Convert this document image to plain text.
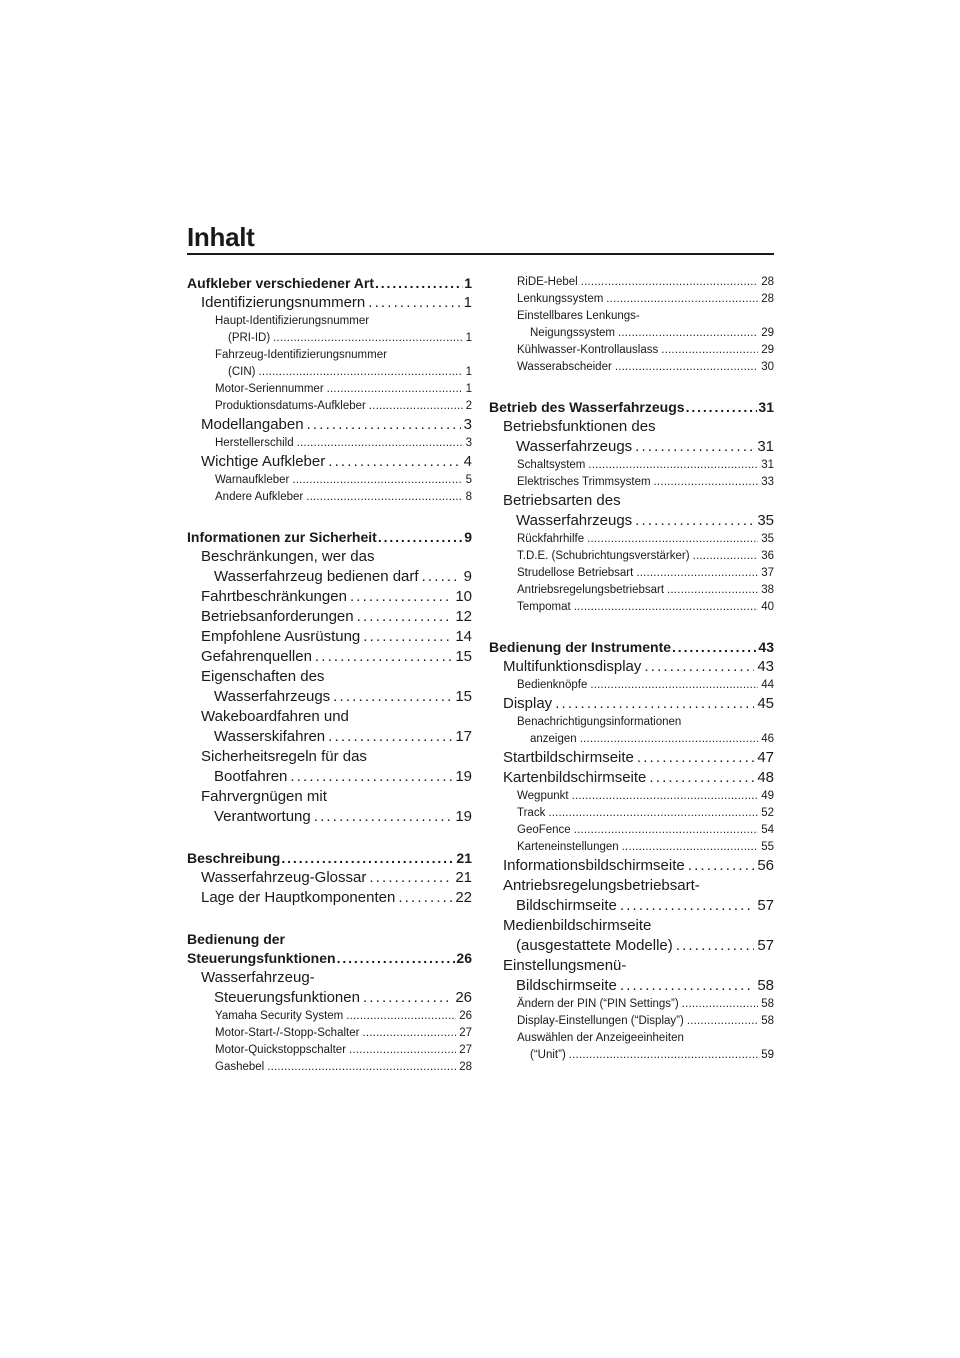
Inhalt
Aufkleber verschiedener Art . . .	1
Identifizierungsnummern . . .	1
Haupt-Identifizierungsnummer
(PRI-ID) . . .	1
Fahrzeug-Identifizierungsnummer
(CIN) . . .	1
Motor-Seriennummer . . .	1
Produktionsdatums-Aufkleber . . .	2
Modellangaben . . .	3
Herstellerschild . . .	3
Wichtige Aufkleber . . .	4
Warnaufkleber . . .	5
Andere Aufkleber . . .	8
Informationen zur Sicherheit . . .	9
Beschränkungen, wer das
Wasserfahrzeug bedienen darf . . .	9
Fahrtbeschränkungen . . .	10
Betriebsanforderungen . . .	12
Empfohlene Ausrüstung . . .	14
Gefahrenquellen . . .	15
Eigenschaften des
Wasserfahrzeugs . . .	15
Wakeboardfahren und
Wasserskifahren . . .	17
Sicherheitsregeln für das
Bootfahren . . .	19
Fahrvergnügen mit
Verantwortung . . .	19
Beschreibung . . .	21
Wasserfahrzeug-Glossar . . .	21
Lage der Hauptkomponenten . . .	22
Bedienung der
Steuerungsfunktionen . . .	26
Wasserfahrzeug-
Steuerungsfunktionen . . .	26
Yamaha Security System . . .	26
Motor-Start-/-Stopp-Schalter . . .	27
Motor-Quickstoppschalter . . .	27
Gashebel . . .	28
RiDE-Hebel . . .	28
Lenkungssystem . . .	28
Einstellbares Lenkungs-
Neigungssystem . . .	29
Kühlwasser-Kontrollauslass . . .	29
Wasserabscheider . . .	30
Betrieb des Wasserfahrzeugs . . .	31
Betriebsfunktionen des
Wasserfahrzeugs . . .	31
Schaltsystem . . .	31
Elektrisches Trimmsystem . . .	33
Betriebsarten des
Wasserfahrzeugs . . .	35
Rückfahrhilfe . . .	35
T.D.E. (Schubrichtungsverstärker) . . .	36
Strudellose Betriebsart . . .	37
Antriebsregelungsbetriebsart . . .	38
Tempomat . . .	40
Bedienung der Instrumente . . .	43
Multifunktionsdisplay . . .	43
Bedienknöpfe . . .	44
Display . . .	45
Benachrichtigungsinformationen
anzeigen . . .	46
Startbildschirmseite . . .	47
Kartenbildschirmseite . . .	48
Wegpunkt . . .	49
Track . . .	52
GeoFence . . .	54
Karteneinstellungen . . .	55
Informationsbildschirmseite . . .	56
Antriebsregelungsbetriebsart-
Bildschirmseite . . .	57
Medienbildschirmseite
(ausgestattete Modelle) . . .	57
Einstellungsmenü-
Bildschirmseite . . .	58
Ändern der PIN (“PIN Settings”) . . .	58
Display-Einstellungen (“Display”) . . .	58
Auswählen der Anzeigeeinheiten
(“Unit”) . . .	59
